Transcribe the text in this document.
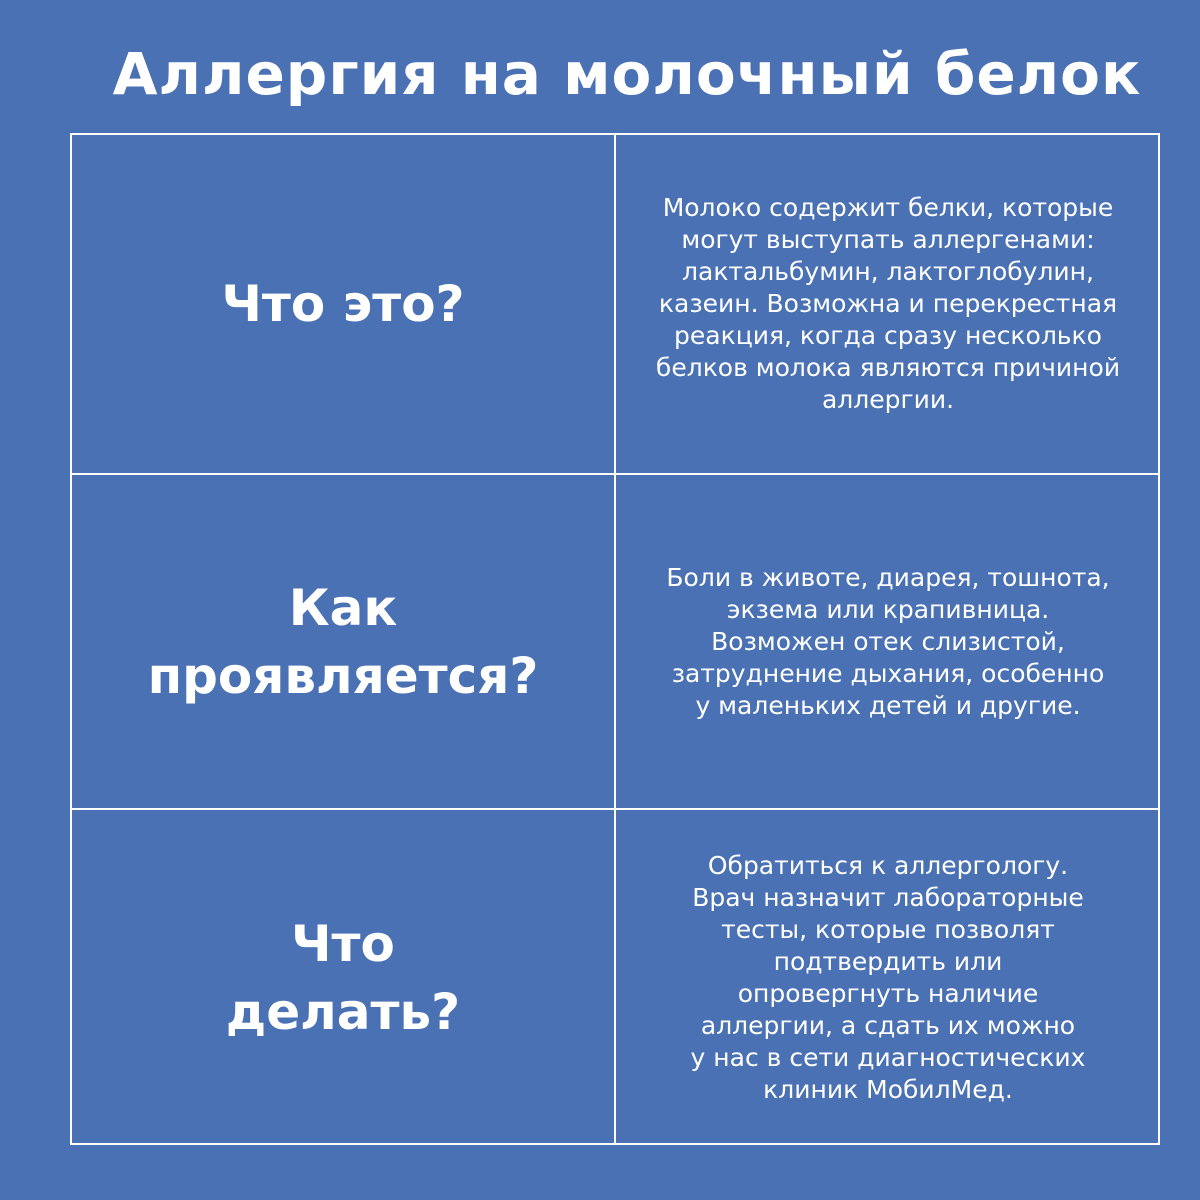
Аллергия на молочный белок
Что это?
Молоко содержит белки, которые
могут выступать аллергенами:
лактальбумин, лактоглобулин,
казеин. Возможна и перекрестная
реакция, когда сразу несколько
белков молока являются причиной
аллергии.
Как
проявляется?
Боли в животе, диарея, тошнота,
экзема или крапивница.
Возможен отек слизистой,
затруднение дыхания, особенно
у маленьких детей и другие.
Что
делать?
Обратиться к аллергологу.
Врач назначит лабораторные
тесты, которые позволят
подтвердить или
опровергнуть наличие
аллергии, а сдать их можно
у нас в сети диагностических
клиник МобилМед.
